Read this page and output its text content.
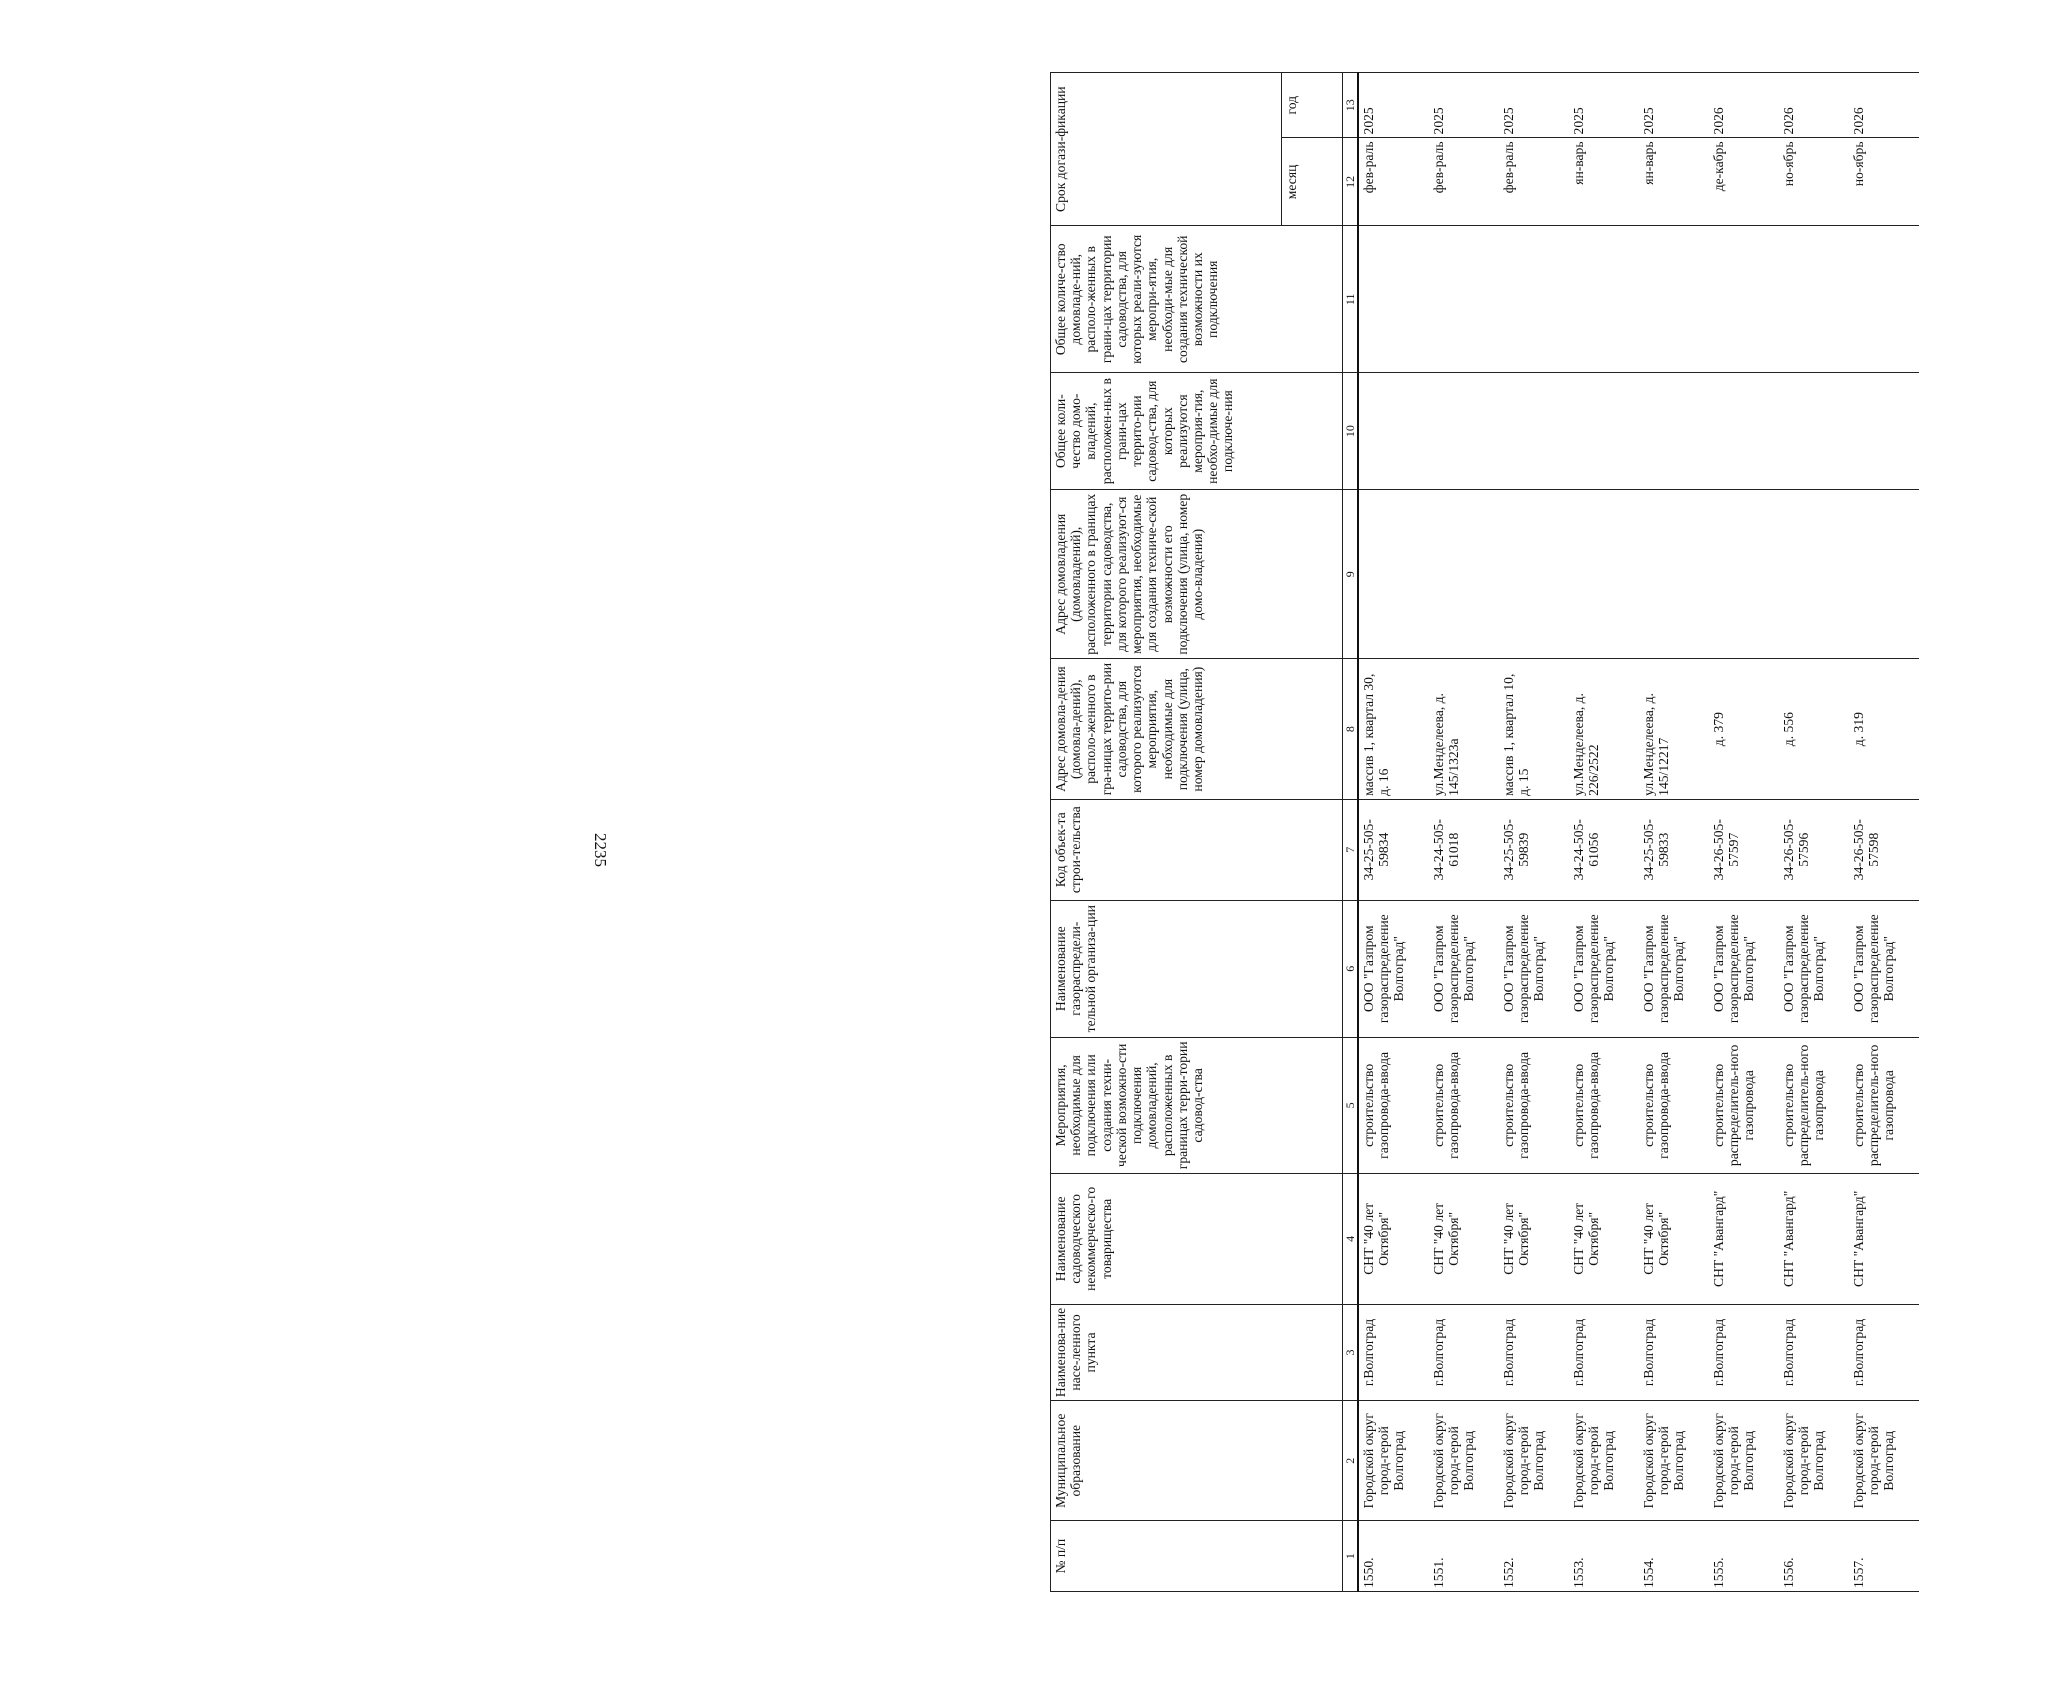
2235
№ п/п	Муниципальное образование	Наименова-ние насе-ленного пункта	Наименование садоводческого некоммерческо-го товарищества	Мероприятия, необходимые для подключения или создания техни-ческой возможно-сти подключения домовладений, расположенных в границах терри-тории садовод-ства	Наименование газораспредели-тельной организа-ции	Код объек-та строи-тельства	Адрес домовла-дения (домовла-дений), располо-женного в гра-ницах террито-рии садоводства, для которого реализуются мероприятия, необходимые для подключения (улица, номер домовладения)	Адрес домовладения (домовладений), расположенного в границах территории садоводства, для которого реализуют-ся мероприятия, необходимые для создания техниче-ской возможности его подключения (улица, номер домо-владения)	Общее коли-чество домо-владений, расположен-ных в грани-цах террито-рии садовод-ства, для которых реализуются мероприя-тия, необхо-димые для подключе-ния	Общее количе-ство домовладе-ний, располо-женных в грани-цах территории садоводства, для которых реали-зуются меропри-ятия, необходи-мые для создания технической возможности их подключения	Срок догази-фикации	
											месяц	год
1	2	3	4	5	6	7	8	9	10	11	12	13
1550.	Городской округ город-герой Волгоград	г.Волгоград	СНТ "40 лет Октября"	строительство газопровода-ввода	ООО "Газпром газораспределение Волгоград"	34-25-505-59834	массив 1, квартал 30, д. 16				фев-раль	2025
1551.	Городской округ город-герой Волгоград	г.Волгоград	СНТ "40 лет Октября"	строительство газопровода-ввода	ООО "Газпром газораспределение Волгоград"	34-24-505-61018	ул.Менделеева, д. 145/1323а				фев-раль	2025
1552.	Городской округ город-герой Волгоград	г.Волгоград	СНТ "40 лет Октября"	строительство газопровода-ввода	ООО "Газпром газораспределение Волгоград"	34-25-505-59839	массив 1, квартал 10, д. 15				фев-раль	2025
1553.	Городской округ город-герой Волгоград	г.Волгоград	СНТ "40 лет Октября"	строительство газопровода-ввода	ООО "Газпром газораспределение Волгоград"	34-24-505-61056	ул.Менделеева, д. 226/2522				ян-варь	2025
1554.	Городской округ город-герой Волгоград	г.Волгоград	СНТ "40 лет Октября"	строительство газопровода-ввода	ООО "Газпром газораспределение Волгоград"	34-25-505-59833	ул.Менделеева, д. 145/12217				ян-варь	2025
1555.	Городской округ город-герой Волгоград	г.Волгоград	СНТ "Авангард"	строительство распределитель-ного газопровода	ООО "Газпром газораспределение Волгоград"	34-26-505-57597	д. 379				де-кабрь	2026
1556.	Городской округ город-герой Волгоград	г.Волгоград	СНТ "Авангард"	строительство распределитель-ного газопровода	ООО "Газпром газораспределение Волгоград"	34-26-505-57596	д. 556				но-ябрь	2026
1557.	Городской округ город-герой Волгоград	г.Волгоград	СНТ "Авангард"	строительство распределитель-ного газопровода	ООО "Газпром газораспределение Волгоград"	34-26-505-57598	д. 319				но-ябрь	2026
